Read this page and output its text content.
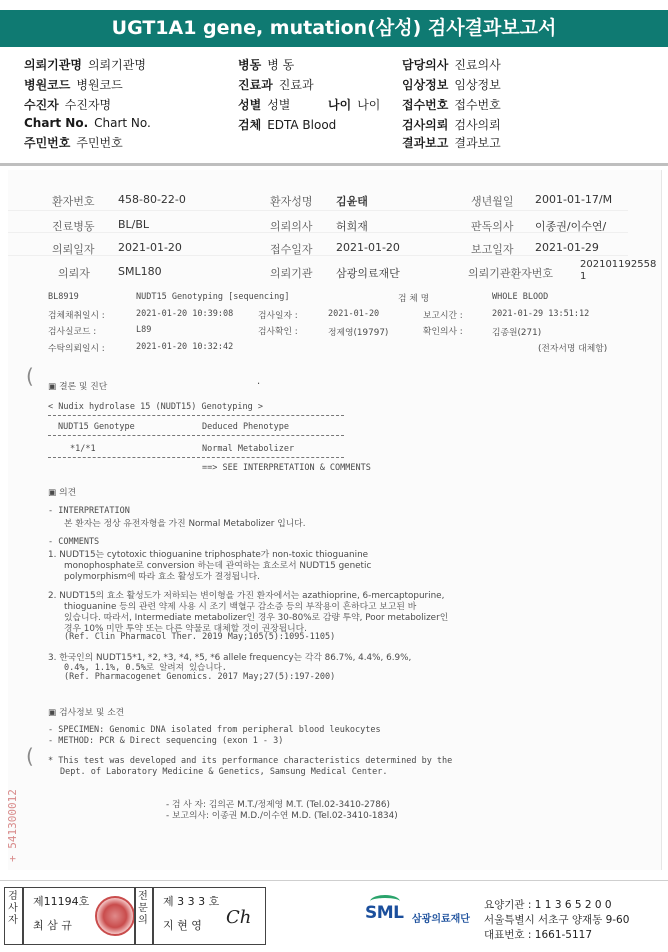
UGT1A1 gene, mutation(삼성) 검사결과보고서
의뢰기관명 의뢰기관명
병원코드 병원코드
수진자 수진자명
Chart No. Chart No.
주민번호 주민번호
병동 병 동
진료과 진료과
성별 성별	나이 나이
검체 EDTA Blood
담당의사 진료의사
임상정보 임상정보
접수번호 접수번호
검사의뢰 검사의뢰
결과보고 결과보고
환자번호 458-80-22-0	환자성명 김윤태	생년월일 2001-01-17/M
진료병동 BL/BL	의뢰의사 허희재	판독의사 이종권/이수연/
의뢰일자 2021-01-20	접수일자 2021-01-20	보고일자 2021-01-29
의뢰자	SML180	의뢰기관 삼광의료재단	의뢰기관환자번호
202101192558
1
BL8919	NUDT15 Genotyping [sequencing]	검 체 명	WHOLE BLOOD
검체채취일시 :	2021-01-20 10:39:08	검사일자 :	2021-01-20	보고시간 :	2021-01-29 13:51:12
검사실코드 :	L89	검사확인 :	정제영(19797)	확인의사 :	김종원(271)
수탁의뢰일시 :	2021-01-20 10:32:42	(전자서명 대체함)
( ▣ 결론 및 진단	.
< Nudix hydrolase 15 (NUDT15) Genotyping >
NUDT15 Genotype	Deduced Phenotype
*1/*1	Normal Metabolizer
==> SEE INTERPRETATION & COMMENTS
▣ 의견
- INTERPRETATION
본 환자는 정상 유전자형을 가진 Normal Metabolizer 입니다.
- COMMENTS
1. NUDT15는 cytotoxic thioguanine triphosphate가 non-toxic thioguanine
monophosphate로 conversion 하는데 관여하는 효소로서 NUDT15 genetic
polymorphism에 따라 효소 활성도가 결정됩니다.
2. NUDT15의 효소 활성도가 저하되는 변이형을 가진 환자에서는 azathioprine, 6-mercaptopurine,
thioguanine 등의 관련 약제 사용 시 조기 백혈구 감소증 등의 부작용이 흔하다고 보고된 바
있습니다. 따라서, Intermediate metabolizer인 경우 30-80%로 감량 투약, Poor metabolizer인
경우 10% 미만 투약 또는 다른 약물로 대체할 것이 권장됩니다.
(Ref. Clin Pharmacol Ther. 2019 May;105(5):1095-1105)
3. 한국인의 NUDT15*1, *2, *3, *4, *5, *6 allele frequency는 각각 86.7%, 4.4%, 6.9%,
0.4%, 1.1%, 0.5%로 알려져 있습니다.
(Ref. Pharmacogenet Genomics. 2017 May;27(5):197-200)
▣ 검사정보 및 소견
- SPECIMEN: Genomic DNA isolated from peripheral blood leukocytes
- METHOD: PCR & Direct sequencing (exon 1 - 3)
( * This test was developed and its performance characteristics determined by the
Dept. of Laboratory Medicine & Genetics, Samsung Medical Center.
- 검 사 자: 김의곤 M.T./정제영 M.T. (Tel.02-3410-2786)
- 보고의사: 이종권 M.D./이수연 M.D. (Tel.02-3410-1834)
+ 541300012
검
사
자
제11194호
최 삼 규
전
문
의
제 3 3 3 호
지 현 영 Ch	SML 삼광의료재단
요양기관 : 1 1 3 6 5 2 0 0
서울특별시 서초구 양재동 9-60
대표번호 : 1661-5117
